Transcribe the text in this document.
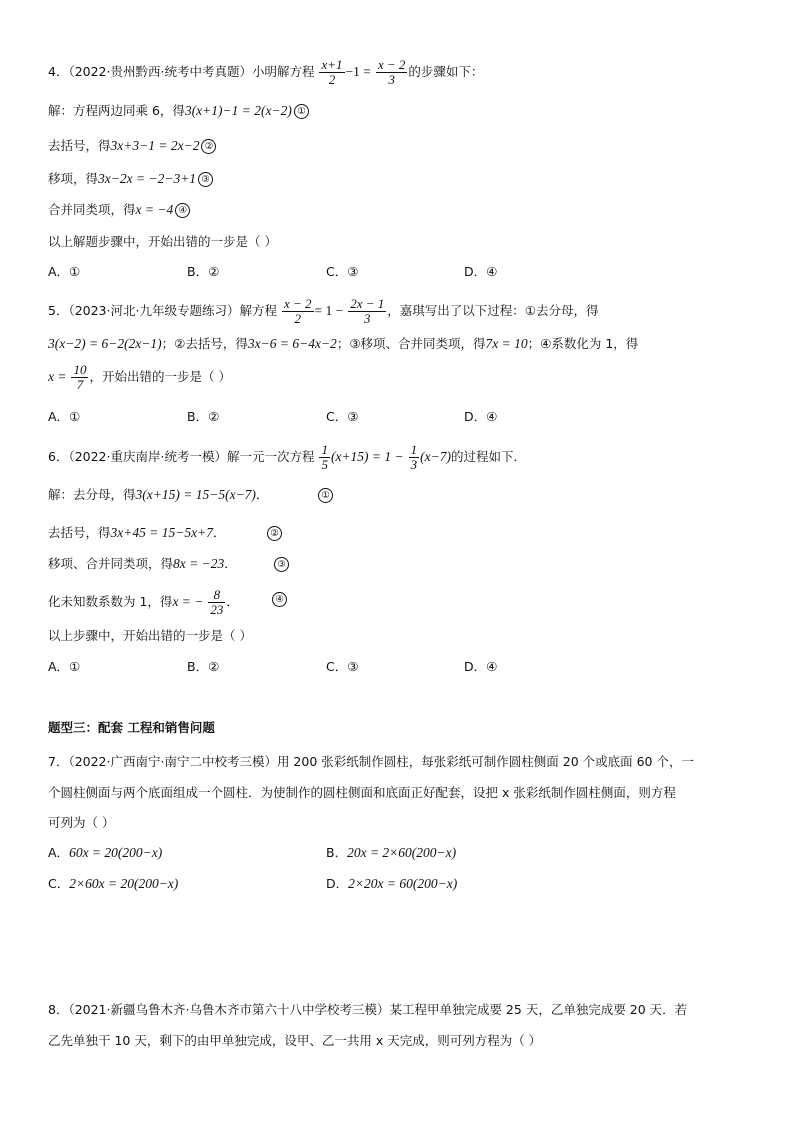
4．（2022·贵州黔西·统考中考真题）小明解方程 $\frac{x+1}{2} -1 = \frac{x - 2}{3}$ 的步骤如下：
解：方程两边同乘 6，得3(x+1)−1 = 2(x−2) ①
去括号，得3x+3−1 = 2x−2 ②
移项，得3x−2x = −2−3+1 ③
合并同类项，得x = −4 ④
以上解题步骤中，开始出错的一步是（ ）
A．①	B．②	C．③	D．④
5．（2023·河北·九年级专题练习）解方程 $\frac{x - 2}{2} = 1 - \frac{2x - 1}{3}$ ，嘉琪写出了以下过程：①去分母，得
3(x−2) = 6−2(2x−1)；②去括号，得3x−6 = 6−4x−2；③移项、合并同类项，得7x = 10；④系数化为 1，得
$x = \frac{10}{7}$ ，开始出错的一步是（ ）
A．①	B．②	C．③	D．④
6．（2022·重庆南岸·统考一模）解一元一次方程 $\frac{1}{5} (x+15) = 1 - \frac{1}{3} (x-7)$的过程如下．
解：去分母，得3(x+15) = 15−5(x−7)．	①
去括号，得3x+45 = 15−5x+7．	②
移项、合并同类项，得8x = −23．	③
化未知数系数为 1，得x = − $\frac{8}{23}$ ．	④
以上步骤中，开始出错的一步是（ ）
A．①	B．②	C．③	D．④
题型三：配套 工程和销售问题
7．（2022·广西南宁·南宁二中校考三模）用 200 张彩纸制作圆柱，每张彩纸可制作圆柱侧面 20 个或底面 60 个，一
个圆柱侧面与两个底面组成一个圆柱．为使制作的圆柱侧面和底面正好配套，设把 x 张彩纸制作圆柱侧面，则方程
可列为（ ）
A．60x = 20(200−x)	B．20x = 2×60(200−x)
C．2×60x = 20(200−x)	D．2×20x = 60(200−x)
8．（2021·新疆乌鲁木齐·乌鲁木齐市第六十八中学校考三模）某工程甲单独完成要 25 天，乙单独完成要 20 天．若
乙先单独干 10 天，剩下的由甲单独完成，设甲、乙一共用 x 天完成，则可列方程为（ ）
